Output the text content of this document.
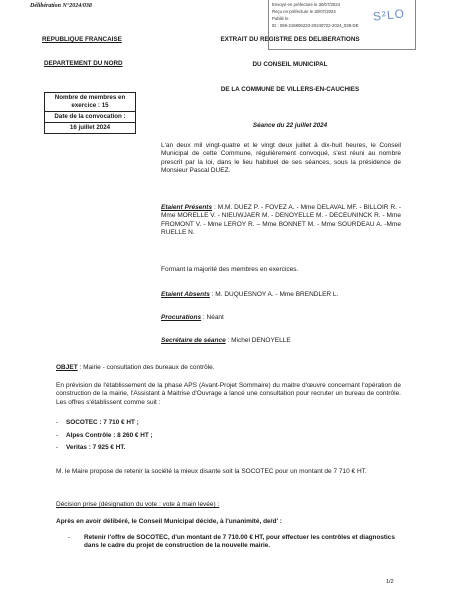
Délibération N°2024/038	Envoyé en préfecture le 30/07/2024
Reçu en préfecture le 30/07/2024
Publié le
ID : 059-215906223-20240722-2024_038-DE
S²LO
REPUBLIQUE FRANCAISE
DEPARTEMENT DU NORD
Nombre de membres en exercice : 15
Date de la convocation :
16 juillet 2024
EXTRAIT DU REGISTRE DES DELIBERATIONS
DU CONSEIL MUNICIPAL
DE LA COMMUNE DE VILLERS-EN-CAUCHIES
Séance du 22 juillet 2024
L'an deux mil vingt-quatre et le vingt deux juillet à dix-huit heures, le Conseil Municipal de cette Commune, régulièrement convoqué, s'est réuni au nombre prescrit par la loi, dans le lieu habituel de ses séances, sous la présidence de Monsieur Pascal DUEZ.
Etaient Présents : M.M. DUEZ P. - FOVEZ A. - Mme DELAVAL MF. - BILLOIR R. - Mme MORELLE V. - NIEUWJAER M. - DENOYELLE M. - DECEUNINCK R. - Mme FROMONT V. - Mme LEROY R. – Mme BONNET M. - Mme SOURDEAU A. -Mme RUELLE N.
Formant la majorité des membres en exercices.
Etaient Absents : M. DUQUESNOY A. - Mme BRENDLER L.
Procurations : Néant
Secrétaire de séance : Michel DENOYELLE
OBJET : Mairie - consultation des bureaux de contrôle.
En prévision de l'établissement de la phase APS (Avant-Projet Sommaire) du maitre d'œuvre concernant l'opération de construction de la mairie, l'Assistant à Maitrise d'Ouvrage a lancé une consultation pour recruter un bureau de contrôle. Les offres s'établissent comme suit :
- SOCOTEC : 7 710 € HT ;
- Alpes Contrôle : 8 260 € HT ;
- Veritas : 7 925 € HT.
M. le Maire propose de retenir la société la mieux disante soit la SOCOTEC pour un montant de 7 710 € HT.
Décision prise (désignation du vote : vote à main levée) :
Après en avoir délibéré, le Conseil Municipal décide, à l'unanimité, de/d' :
- Retenir l'offre de SOCOTEC, d'un montant de 7 710.00 € HT, pour effectuer les contrôles et diagnostics dans le cadre du projet de construction de la nouvelle mairie.
1/2
